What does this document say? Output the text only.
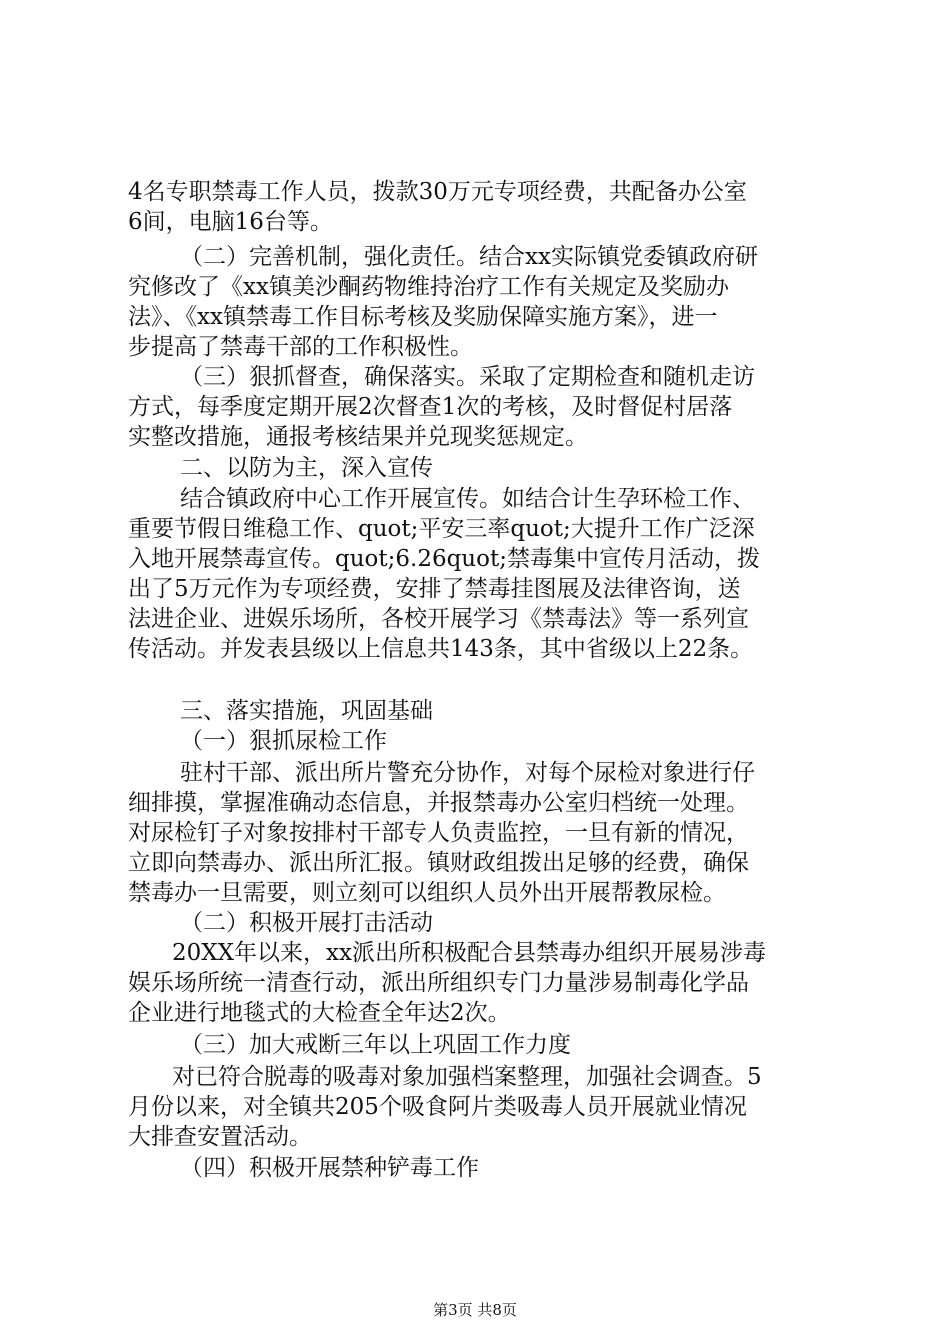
4名专职禁毒工作人员，拨款30万元专项经费，共配备办公室
6间，电脑16台等。
（二）完善机制，强化责任。结合xx实际镇党委镇政府研
究修改了《xx镇美沙酮药物维持治疗工作有关规定及奖励办
法》、《xx镇禁毒工作目标考核及奖励保障实施方案》，进一
步提高了禁毒干部的工作积极性。
（三）狠抓督查，确保落实。采取了定期检查和随机走访
方式，每季度定期开展2次督查1次的考核，及时督促村居落
实整改措施，通报考核结果并兑现奖惩规定。
二、以防为主，深入宣传
结合镇政府中心工作开展宣传。如结合计生孕环检工作、
重要节假日维稳工作、quot;平安三率quot;大提升工作广泛深
入地开展禁毒宣传。quot;6.26quot;禁毒集中宣传月活动，拨
出了5万元作为专项经费，安排了禁毒挂图展及法律咨询，送
法进企业、进娱乐场所，各校开展学习《禁毒法》等一系列宣
传活动。并发表县级以上信息共143条，其中省级以上22条。
三、落实措施，巩固基础
（一）狠抓尿检工作
驻村干部、派出所片警充分协作，对每个尿检对象进行仔
细排摸，掌握准确动态信息，并报禁毒办公室归档统一处理。
对尿检钉子对象按排村干部专人负责监控，一旦有新的情况，
立即向禁毒办、派出所汇报。镇财政组拨出足够的经费，确保
禁毒办一旦需要，则立刻可以组织人员外出开展帮教尿检。
（二）积极开展打击活动
20XX年以来，xx派出所积极配合县禁毒办组织开展易涉毒
娱乐场所统一清查行动，派出所组织专门力量涉易制毒化学品
企业进行地毯式的大检查全年达2次。
（三）加大戒断三年以上巩固工作力度
对已符合脱毒的吸毒对象加强档案整理，加强社会调查。5
月份以来，对全镇共205个吸食阿片类吸毒人员开展就业情况
大排查安置活动。
（四）积极开展禁种铲毒工作
第3页 共8页
